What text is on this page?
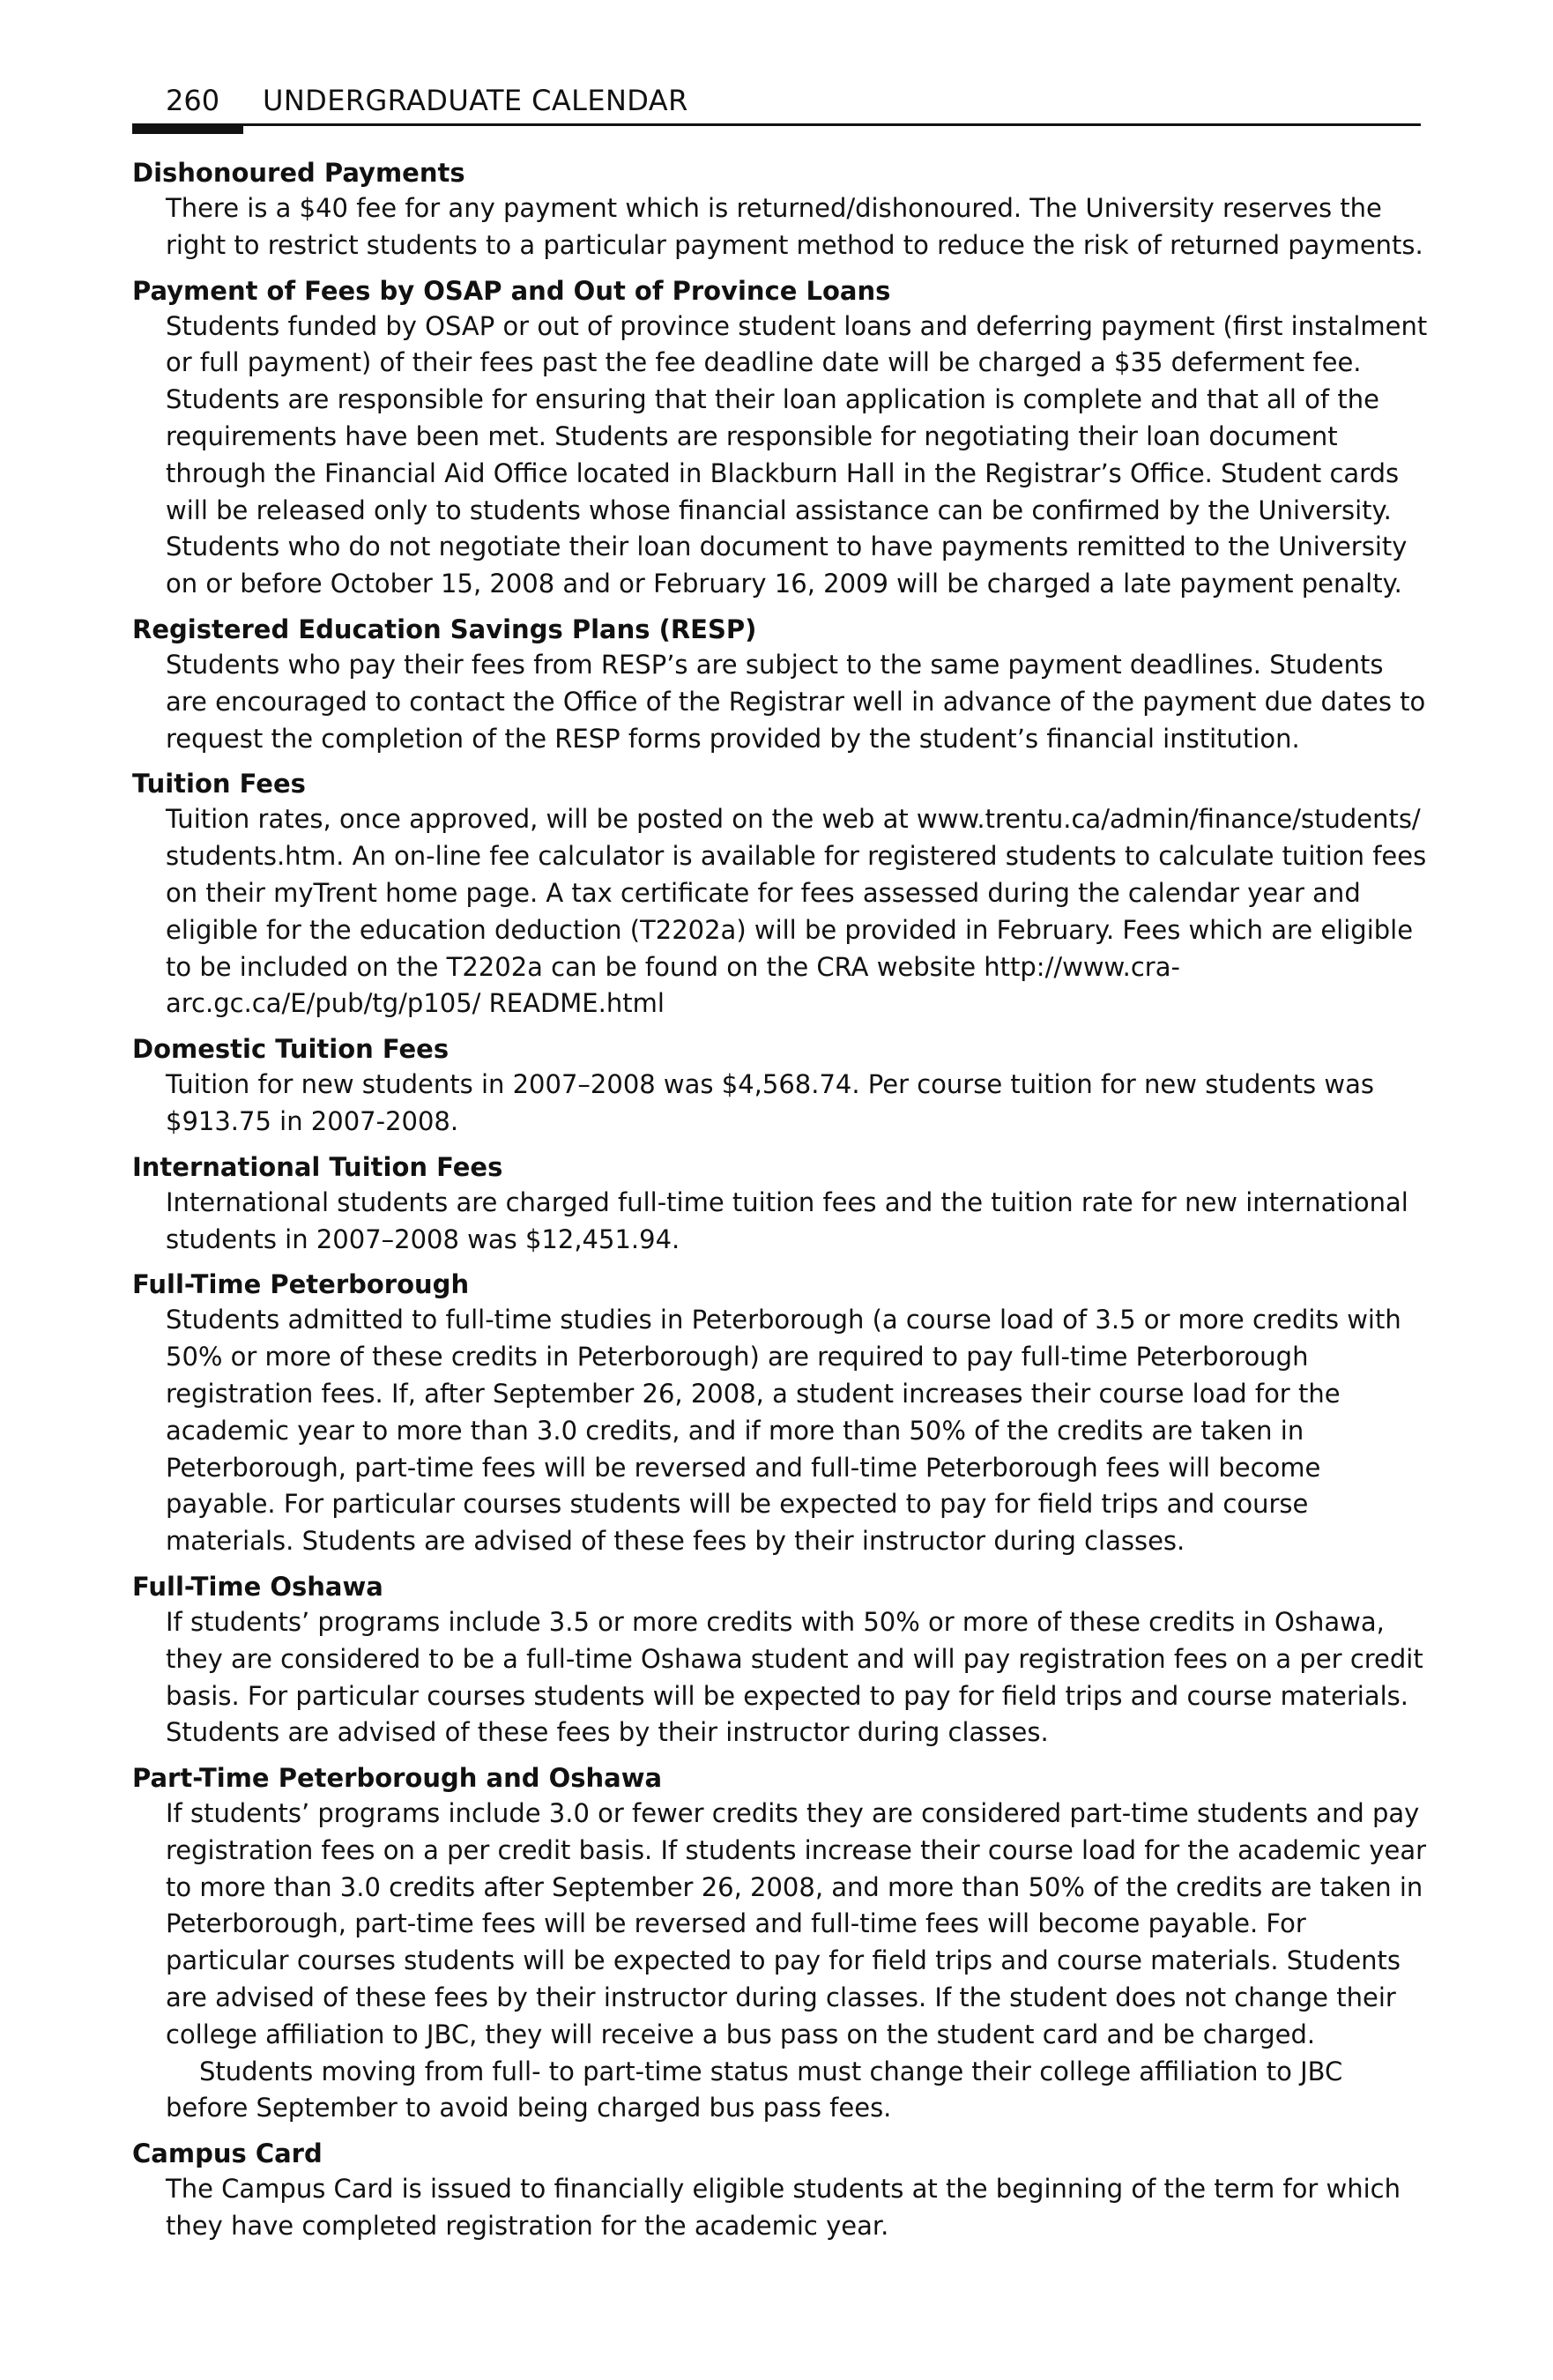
260 UNDERGRADUATE CALENDAR
Dishonoured Payments

There is a $40 fee for any payment which is returned/dishonoured. The University reserves the right to restrict students to a particular payment method to reduce the risk of returned payments.

Payment of Fees by OSAP and Out of Province Loans

Students funded by OSAP or out of province student loans and deferring payment (first instalment or full payment) of their fees past the fee deadline date will be charged a $35 deferment fee. Students are responsible for ensuring that their loan application is complete and that all of the requirements have been met. Students are responsible for negotiating their loan document through the Financial Aid Office located in Blackburn Hall in the Registrar’s Office. Student cards will be released only to students whose financial assistance can be confirmed by the University. Students who do not negotiate their loan document to have payments remitted to the University on or before October 15, 2008 and or February 16, 2009 will be charged a late payment penalty.

Registered Education Savings Plans (RESP)

Students who pay their fees from RESP’s are subject to the same payment deadlines. Students are encouraged to contact the Office of the Registrar well in advance of the payment due dates to request the completion of the RESP forms provided by the student’s financial institution.

Tuition Fees

Tuition rates, once approved, will be posted on the web at www.trentu.ca/admin/finance/students/ students.htm. An on-line fee calculator is available for registered students to calculate tuition fees on their myTrent home page. A tax certificate for fees assessed during the calendar year and eligible for the education deduction (T2202a) will be provided in February. Fees which are eligible to be included on the T2202a can be found on the CRA website http://www.cra-arc.gc.ca/E/pub/tg/p105/ README.html

Domestic Tuition Fees

Tuition for new students in 2007–2008 was $4,568.74. Per course tuition for new students was $913.75 in 2007-2008.

International Tuition Fees

International students are charged full-time tuition fees and the tuition rate for new international students in 2007–2008 was $12,451.94.

Full-Time Peterborough

Students admitted to full-time studies in Peterborough (a course load of 3.5 or more credits with 50% or more of these credits in Peterborough) are required to pay full-time Peterborough registration fees. If, after September 26, 2008, a student increases their course load for the academic year to more than 3.0 credits, and if more than 50% of the credits are taken in Peterborough, part-time fees will be reversed and full-time Peterborough fees will become payable. For particular courses students will be expected to pay for field trips and course materials. Students are advised of these fees by their instructor during classes.

Full-Time Oshawa

If students’ programs include 3.5 or more credits with 50% or more of these credits in Oshawa, they are considered to be a full-time Oshawa student and will pay registration fees on a per credit basis. For particular courses students will be expected to pay for field trips and course materials. Students are advised of these fees by their instructor during classes.

Part-Time Peterborough and Oshawa

If students’ programs include 3.0 or fewer credits they are considered part-time students and pay registration fees on a per credit basis. If students increase their course load for the academic year to more than 3.0 credits after September 26, 2008, and more than 50% of the credits are taken in Peterborough, part-time fees will be reversed and full-time fees will become payable. For particular courses students will be expected to pay for field trips and course materials. Students are advised of these fees by their instructor during classes. If the student does not change their college affiliation to JBC, they will receive a bus pass on the student card and be charged.

Students moving from full- to part-time status must change their college affiliation to JBC before September to avoid being charged bus pass fees.

Campus Card

The Campus Card is issued to financially eligible students at the beginning of the term for which they have completed registration for the academic year.
